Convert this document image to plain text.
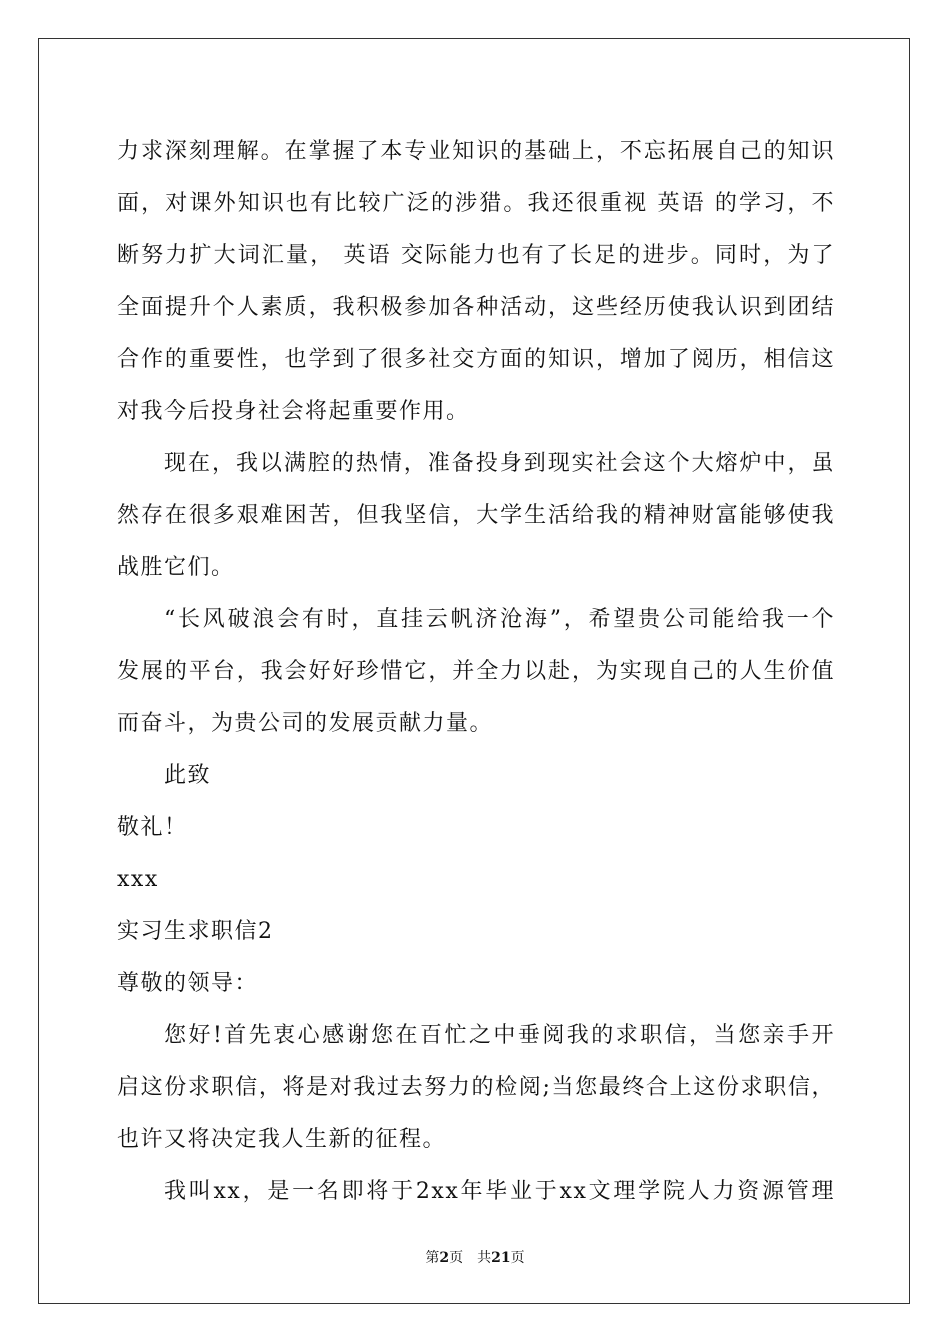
力求深刻理解。在掌握了本专业知识的基础上，不忘拓展自己的知识
面，对课外知识也有比较广泛的涉猎。我还很重视 英语 的学习，不
断努力扩大词汇量， 英语 交际能力也有了长足的进步。同时，为了
全面提升个人素质，我积极参加各种活动，这些经历使我认识到团结
合作的重要性，也学到了很多社交方面的知识，增加了阅历，相信这
对我今后投身社会将起重要作用。
现在，我以满腔的热情，准备投身到现实社会这个大熔炉中，虽
然存在很多艰难困苦，但我坚信，大学生活给我的精神财富能够使我
战胜它们。
“长风破浪会有时，直挂云帆济沧海”，希望贵公司能给我一个
发展的平台，我会好好珍惜它，并全力以赴，为实现自己的人生价值
而奋斗，为贵公司的发展贡献力量。
此致
敬礼！
xxx
实习生求职信2
尊敬的领导：
您好!首先衷心感谢您在百忙之中垂阅我的求职信，当您亲手开
启这份求职信，将是对我过去努力的检阅;当您最终合上这份求职信，
也许又将决定我人生新的征程。
我叫xx，是一名即将于2xx年毕业于xx文理学院人力资源管理
第2页　共21页
